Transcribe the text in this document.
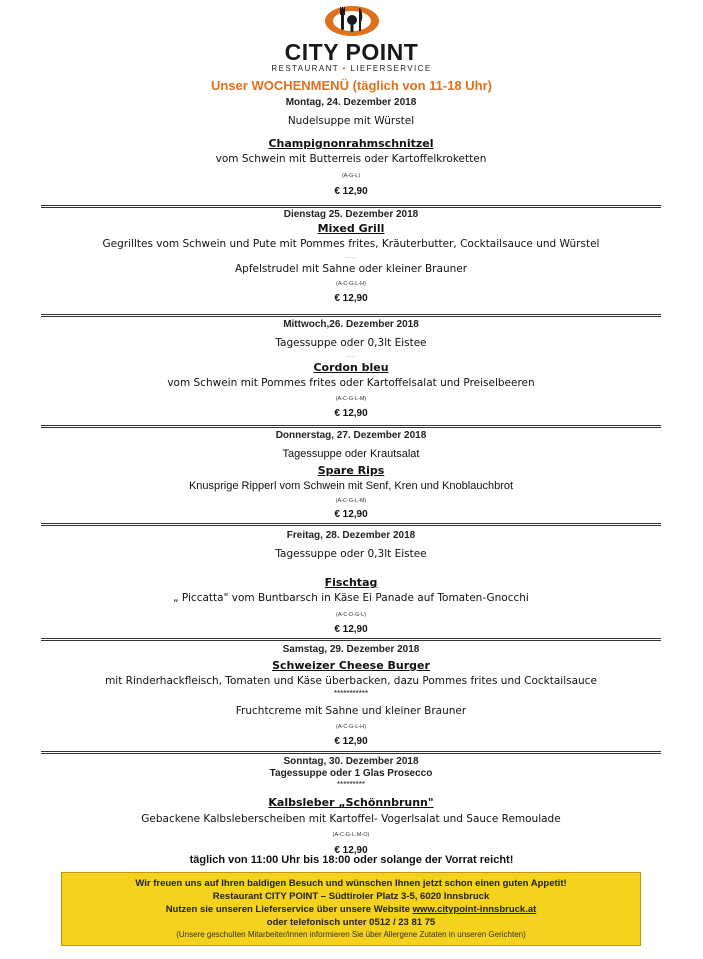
CITY POINT
RESTAURANT • LIEFERSERVICE
Unser WOCHENMENÜ (täglich von 11-18 Uhr)
Montag, 24. Dezember 2018
Nudelsuppe mit Würstel
Champignonrahmschnitzel
vom Schwein mit Butterreis oder Kartoffelkroketten
(A-G-L)
€ 12,90
Dienstag 25. Dezember 2018
Mixed Grill
Gegrilltes vom Schwein und Pute mit Pommes frites, Kräuterbutter, Cocktailsauce und Würstel
.....
Apfelstrudel mit Sahne oder kleiner Brauner
(A-C-G-L-H)
€ 12,90
Mittwoch,26. Dezember 2018
Tagessuppe oder 0,3lt Eistee
.....
Cordon bleu
vom Schwein mit Pommes frites oder Kartoffelsalat und Preiselbeeren
(A-C-G-L-M)
€ 12,90
Donnerstag, 27. Dezember 2018
Tagessuppe oder Krautsalat
Spare Rips
Knusprige Ripperl vom Schwein mit Senf, Kren und Knoblauchbrot
(A-C-G-L-M)
€ 12,90
Freitag, 28. Dezember 2018
Tagessuppe oder 0,3lt Eistee
Fischtag
„ Piccatta" vom Buntbarsch in Käse Ei Panade auf Tomaten-Gnocchi
(A-C-D-G-L)
€ 12,90
Samstag, 29. Dezember 2018
Schweizer Cheese Burger
mit Rinderhackfleisch, Tomaten und Käse überbacken, dazu Pommes frites und Cocktailsauce
***********
Fruchtcreme mit Sahne und kleiner Brauner
(A-C-G-L-H)
€ 12,90
Sonntag, 30. Dezember 2018
Tagessuppe oder 1 Glas Prosecco
*********
Kalbsleber „Schönnbrunn"
Gebackene Kalbsleberscheiben mit Kartoffel- Vogerlsalat und Sauce Remoulade
(A-C-G-L-M-O)
€ 12,90
täglich von 11:00 Uhr bis 18:00 oder solange der Vorrat reicht!
Wir freuen uns auf Ihren baldigen Besuch und wünschen Ihnen jetzt schon einen guten Appetit!
Restaurant CITY POINT – Südtiroler Platz 3-5, 6020 Innsbruck
Nutzen sie unseren Lieferservice über unsere Website www.citypoint-innsbruck.at
oder telefonisch unter 0512 / 23 81 75
(Unsere geschulten Mitarbeiter/innen informieren Sie über Allergene Zutaten in unseren Gerichten)
